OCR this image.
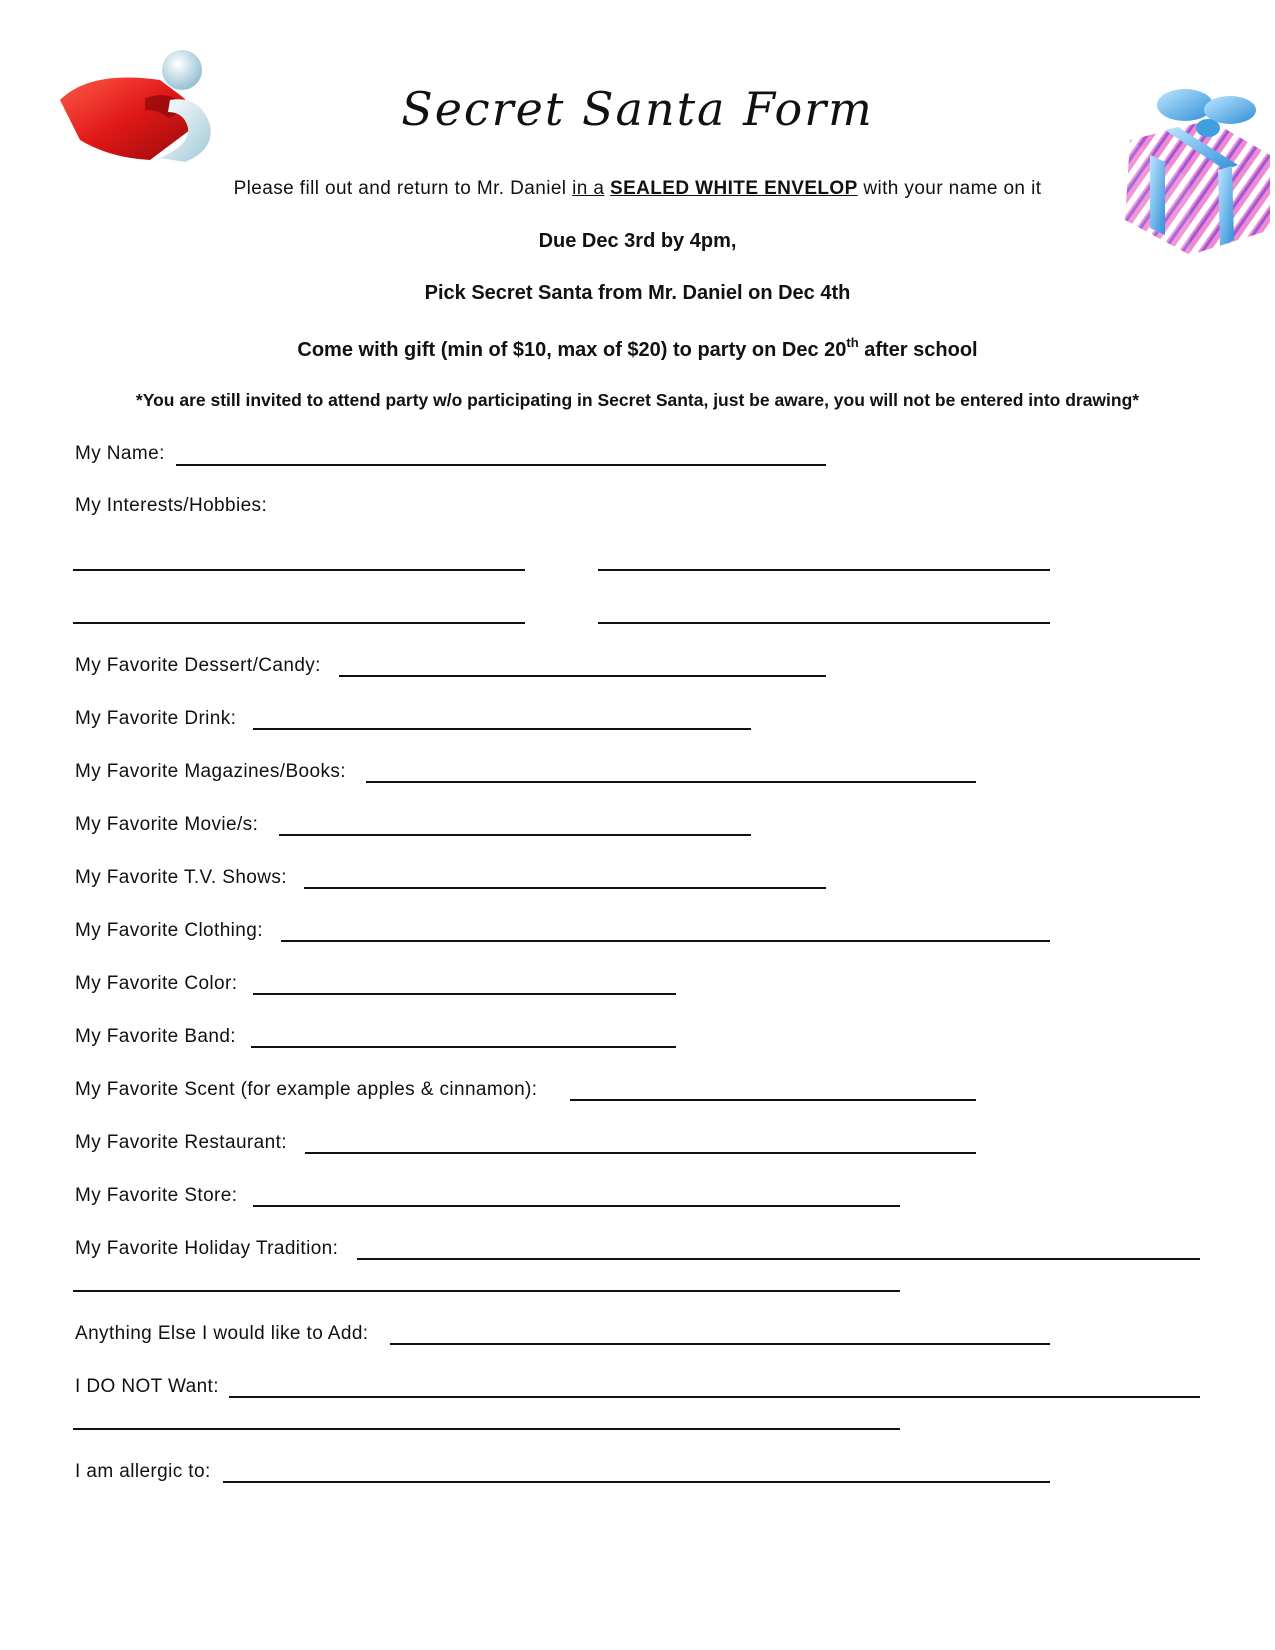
Secret Santa Form
Please fill out and return to Mr. Daniel in a SEALED WHITE ENVELOP with your name on it
Due Dec 3rd by 4pm,
Pick Secret Santa from Mr. Daniel on Dec 4th
Come with gift (min of $10, max of $20) to party on Dec 20th after school
*You are still invited to attend party w/o participating in Secret Santa, just be aware, you will not be entered into drawing*
My Name:
My Interests/Hobbies:
My Favorite Dessert/Candy:
My Favorite Drink:
My Favorite Magazines/Books:
My Favorite Movie/s:
My Favorite T.V. Shows:
My Favorite Clothing:
My Favorite Color:
My Favorite Band:
My Favorite Scent (for example apples & cinnamon):
My Favorite Restaurant:
My Favorite Store:
My Favorite Holiday Tradition:
Anything Else I would like to Add:
I DO NOT Want:
I am allergic to:
